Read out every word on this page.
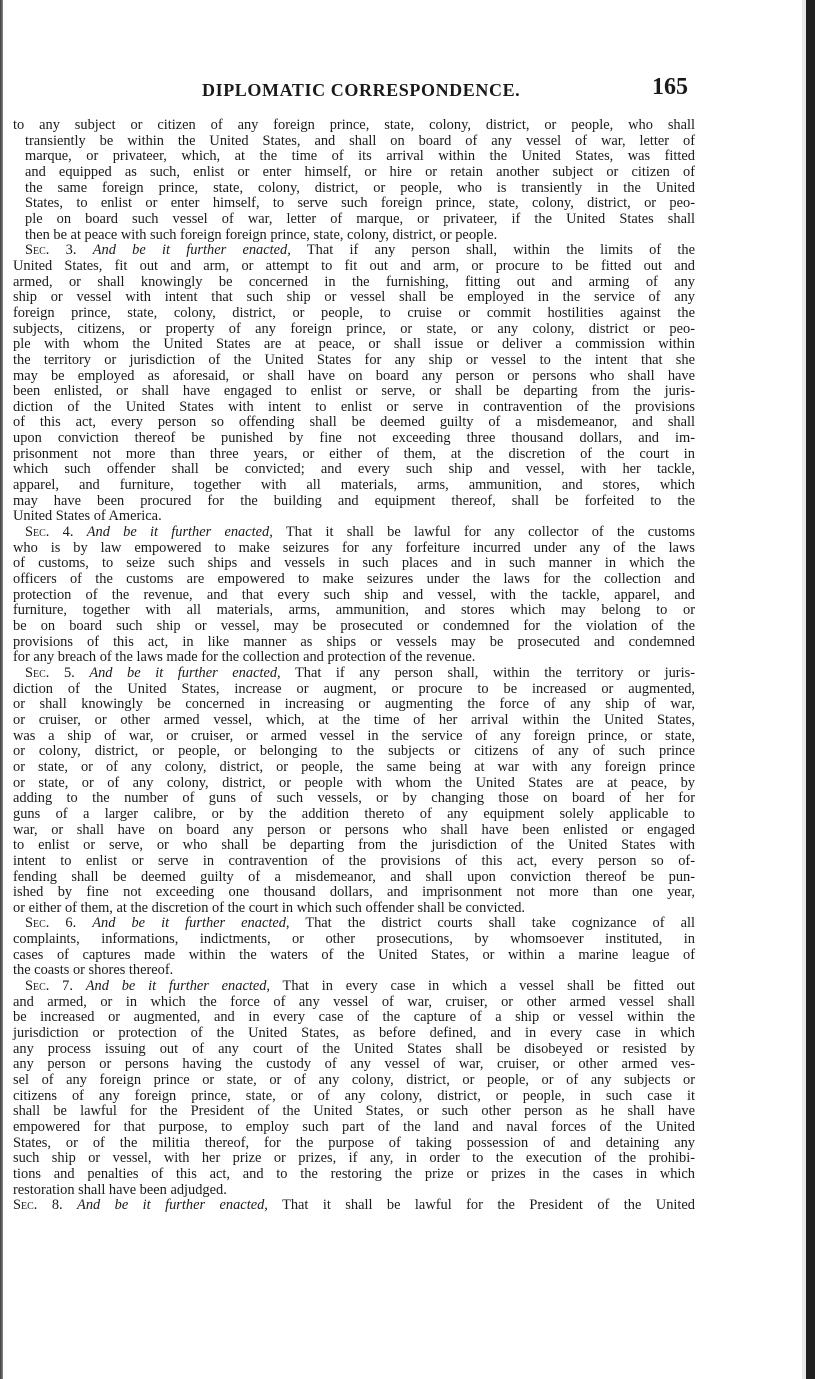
DIPLOMATIC CORRESPONDENCE.	165
to any subject or citizen of any foreign prince, state, colony, district, or people, who shall
transiently be within the United States, and shall on board of any vessel of war, letter of
marque, or privateer, which, at the time of its arrival within the United States, was fitted
and equipped as such, enlist or enter himself, or hire or retain another subject or citizen of
the same foreign prince, state, colony, district, or people, who is transiently in the United
States, to enlist or enter himself, to serve such foreign prince, state, colony, district, or peo-
ple on board such vessel of war, letter of marque, or privateer, if the United States shall
then be at peace with such foreign foreign prince, state, colony, district, or people.
Sec. 3. And be it further enacted, That if any person shall, within the limits of the
United States, fit out and arm, or attempt to fit out and arm, or procure to be fitted out and
armed, or shall knowingly be concerned in the furnishing, fitting out and arming of any
ship or vessel with intent that such ship or vessel shall be employed in the service of any
foreign prince, state, colony, district, or people, to cruise or commit hostilities against the
subjects, citizens, or property of any foreign prince, or state, or any colony, district or peo-
ple with whom the United States are at peace, or shall issue or deliver a commission within
the territory or jurisdiction of the United States for any ship or vessel to the intent that she
may be employed as aforesaid, or shall have on board any person or persons who shall have
been enlisted, or shall have engaged to enlist or serve, or shall be departing from the juris-
diction of the United States with intent to enlist or serve in contravention of the provisions
of this act, every person so offending shall be deemed guilty of a misdemeanor, and shall
upon conviction thereof be punished by fine not exceeding three thousand dollars, and im-
prisonment not more than three years, or either of them, at the discretion of the court in
which such offender shall be convicted; and every such ship and vessel, with her tackle,
apparel, and furniture, together with all materials, arms, ammunition, and stores, which
may have been procured for the building and equipment thereof, shall be forfeited to the
United States of America.
Sec. 4. And be it further enacted, That it shall be lawful for any collector of the customs
who is by law empowered to make seizures for any forfeiture incurred under any of the laws
of customs, to seize such ships and vessels in such places and in such manner in which the
officers of the customs are empowered to make seizures under the laws for the collection and
protection of the revenue, and that every such ship and vessel, with the tackle, apparel, and
furniture, together with all materials, arms, ammunition, and stores which may belong to or
be on board such ship or vessel, may be prosecuted or condemned for the violation of the
provisions of this act, in like manner as ships or vessels may be prosecuted and condemned
for any breach of the laws made for the collection and protection of the revenue.
Sec. 5. And be it further enacted, That if any person shall, within the territory or juris-
diction of the United States, increase or augment, or procure to be increased or augmented,
or shall knowingly be concerned in increasing or augmenting the force of any ship of war,
or cruiser, or other armed vessel, which, at the time of her arrival within the United States,
was a ship of war, or cruiser, or armed vessel in the service of any foreign prince, or state,
or colony, district, or people, or belonging to the subjects or citizens of any of such prince
or state, or of any colony, district, or people, the same being at war with any foreign prince
or state, or of any colony, district, or people with whom the United States are at peace, by
adding to the number of guns of such vessels, or by changing those on board of her for
guns of a larger calibre, or by the addition thereto of any equipment solely applicable to
war, or shall have on board any person or persons who shall have been enlisted or engaged
to enlist or serve, or who shall be departing from the jurisdiction of the United States with
intent to enlist or serve in contravention of the provisions of this act, every person so of-
fending shall be deemed guilty of a misdemeanor, and shall upon conviction thereof be pun-
ished by fine not exceeding one thousand dollars, and imprisonment not more than one year,
or either of them, at the discretion of the court in which such offender shall be convicted.
Sec. 6. And be it further enacted, That the district courts shall take cognizance of all
complaints, informations, indictments, or other prosecutions, by whomsoever instituted, in
cases of captures made within the waters of the United States, or within a marine league of
the coasts or shores thereof.
Sec. 7. And be it further enacted, That in every case in which a vessel shall be fitted out
and armed, or in which the force of any vessel of war, cruiser, or other armed vessel shall
be increased or augmented, and in every case of the capture of a ship or vessel within the
jurisdiction or protection of the United States, as before defined, and in every case in which
any process issuing out of any court of the United States shall be disobeyed or resisted by
any person or persons having the custody of any vessel of war, cruiser, or other armed ves-
sel of any foreign prince or state, or of any colony, district, or people, or of any subjects or
citizens of any foreign prince, state, or of any colony, district, or people, in such case it
shall be lawful for the President of the United States, or such other person as he shall have
empowered for that purpose, to employ such part of the land and naval forces of the United
States, or of the militia thereof, for the purpose of taking possession of and detaining any
such ship or vessel, with her prize or prizes, if any, in order to the execution of the prohibi-
tions and penalties of this act, and to the restoring the prize or prizes in the cases in which
restoration shall have been adjudged.
Sec. 8. And be it further enacted, That it shall be lawful for the President of the United
